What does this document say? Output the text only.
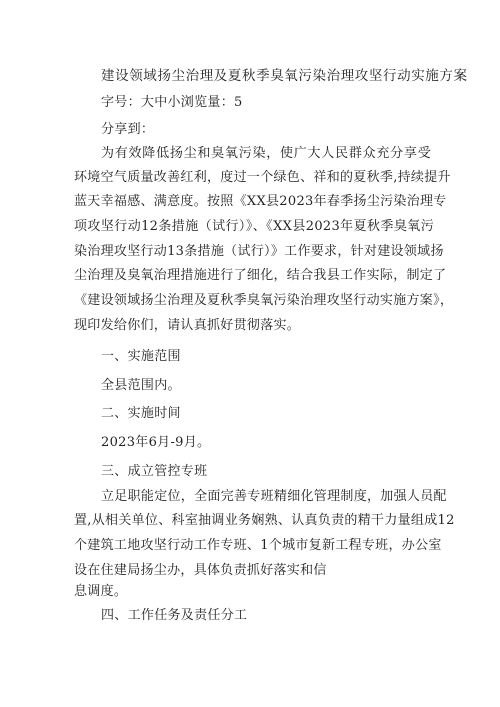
建设领域扬尘治理及夏秋季臭氧污染治理攻坚行动实施方案
字号：大中小浏览量：5
分享到：
为有效降低扬尘和臭氧污染，使广大人民群众充分享受
环境空气质量改善红利，度过一个绿色、祥和的夏秋季,持续提升
蓝天幸福感、满意度。按照《XX县2023年春季扬尘污染治理专
项攻坚行动12条措施（试行）》、《XX县2023年夏秋季臭氧污
染治理攻坚行动13条措施（试行）》工作要求，针对建设领域扬
尘治理及臭氧治理措施进行了细化，结合我县工作实际，制定了
《建设领域扬尘治理及夏秋季臭氧污染治理攻坚行动实施方案》，
现印发给你们，请认真抓好贯彻落实。
一、实施范围
全县范围内。
二、实施时间
2023年6月-9月。
三、成立管控专班
立足职能定位，全面完善专班精细化管理制度，加强人员配
置,从相关单位、科室抽调业务娴熟、认真负责的精干力量组成12
个建筑工地攻坚行动工作专班、1个城市复新工程专班，办公室
设在住建局扬尘办，具体负责抓好落实和信
息调度。
四、工作任务及责任分工
